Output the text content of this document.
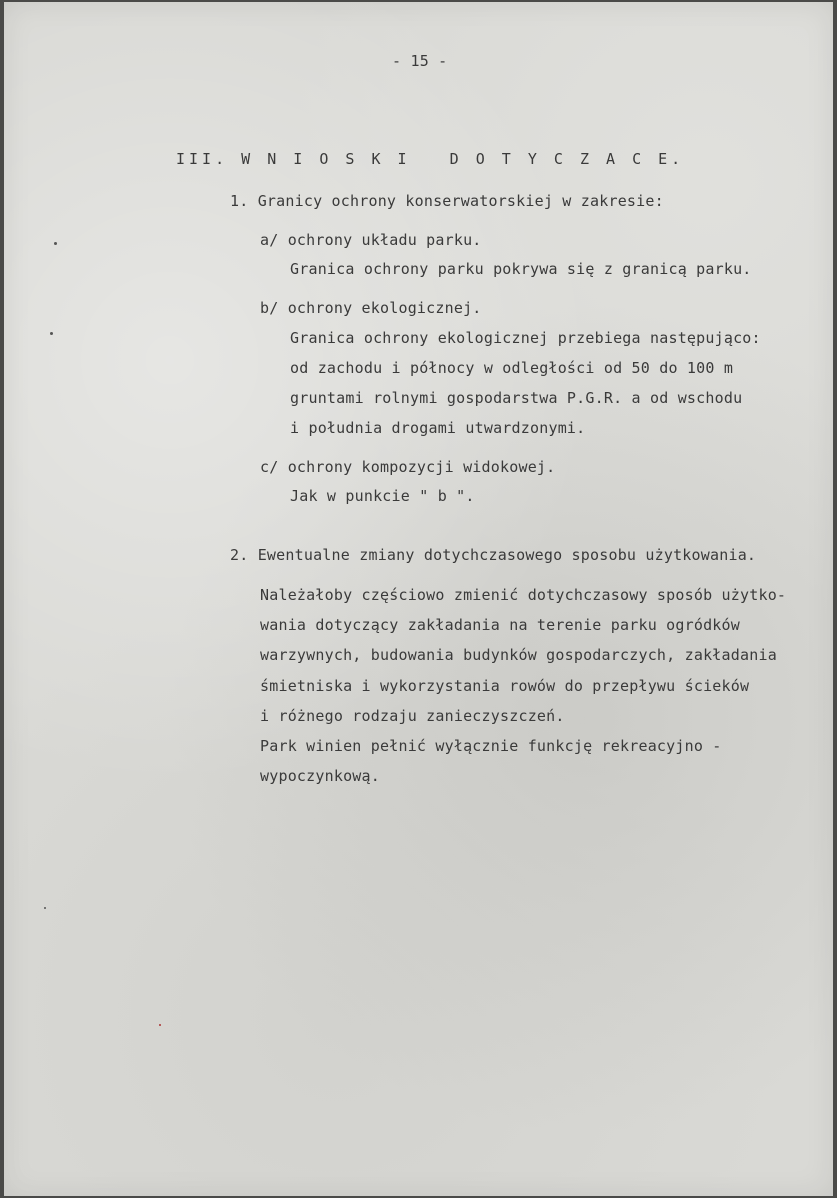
- 15 -
III. W N I O S K I   D O T Y C Z A C E.
1. Granicy ochrony konserwatorskiej w zakresie:
a/ ochrony układu parku.
Granica ochrony parku pokrywa się z granicą parku.
b/ ochrony ekologicznej.
Granica ochrony ekologicznej przebiega następująco:
od zachodu i północy w odległości od 50 do 100 m
gruntami rolnymi gospodarstwa P.G.R. a od wschodu
i południa drogami utwardzonymi.
c/ ochrony kompozycji widokowej.
Jak w punkcie " b ".
2. Ewentualne zmiany dotychczasowego sposobu użytkowania.
Należałoby częściowo zmienić dotychczasowy sposób użytko-
wania dotyczący zakładania na terenie parku ogródków
warzywnych, budowania budynków gospodarczych, zakładania
śmietniska i wykorzystania rowów do przepływu ścieków
i różnego rodzaju zanieczyszczeń.
Park winien pełnić wyłącznie funkcję rekreacyjno -
wypoczynkową.
